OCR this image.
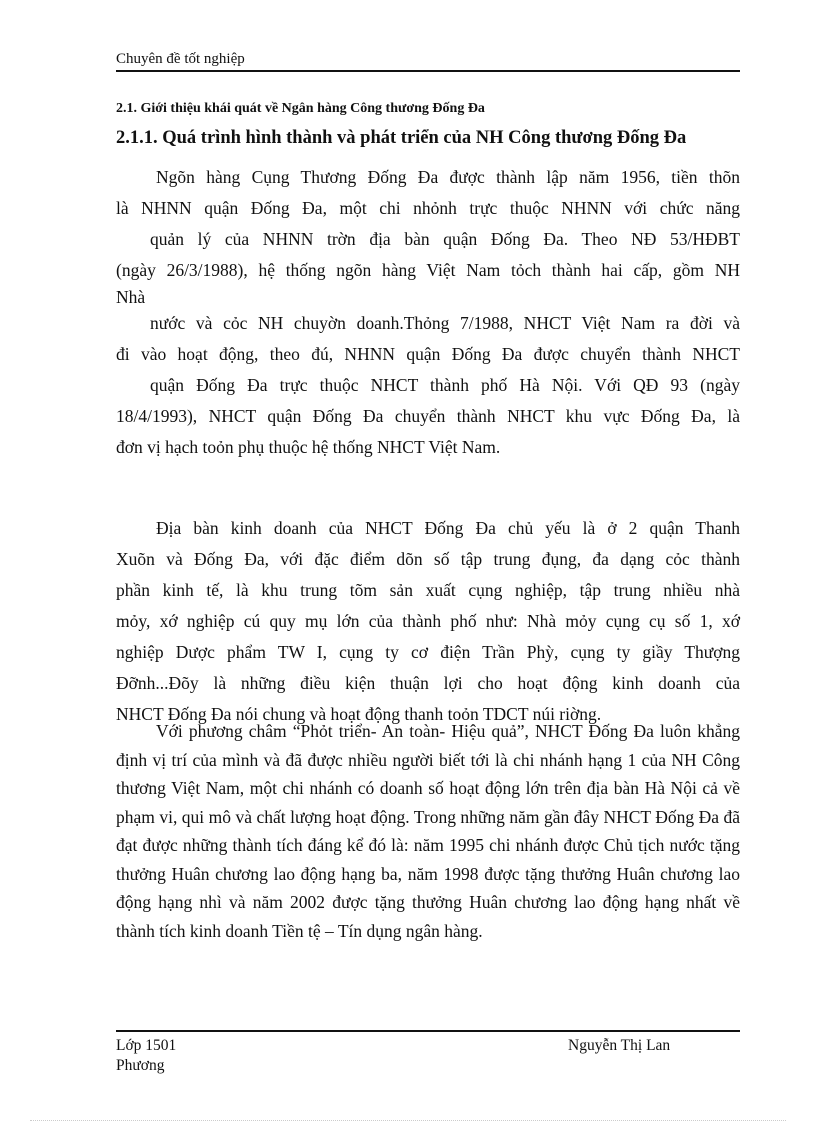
Chuyên đề tốt nghiệp
2.1. Giới thiệu khái quát về Ngân hàng Công thương Đống Đa
2.1.1. Quá trình hình thành và phát triển của NH Công thương Đống Đa
Ngõn hàng Cụng Thương Đống Đa được thành lập năm 1956, tiền thõn
là NHNN quận Đống Đa, một chi nhỏnh trực thuộc NHNN với chức năng
quản lý của NHNN trờn địa bàn quận Đống Đa. Theo NĐ 53/HĐBT
(ngày 26/3/1988), hệ thống ngõn hàng Việt Nam tỏch thành hai cấp, gồm NH
Nhà
nước và cỏc NH chuyờn doanh.Thỏng 7/1988, NHCT Việt Nam ra đời và
đi vào hoạt động, theo đú, NHNN quận Đống Đa được chuyển thành NHCT
quận Đống Đa trực thuộc NHCT thành phố Hà Nội. Với QĐ 93 (ngày
18/4/1993), NHCT quận Đống Đa chuyển thành NHCT khu vực Đống Đa, là
đơn vị hạch toỏn phụ thuộc hệ thống NHCT Việt Nam.
Địa bàn kinh doanh của NHCT Đống Đa chủ yếu là ở 2 quận Thanh
Xuõn và Đống Đa, với đặc điểm dõn số tập trung đụng, đa dạng cỏc thành
phần kinh tế, là khu trung tõm sản xuất cụng nghiệp, tập trung nhiều nhà
mỏy, xớ nghiệp cú quy mụ lớn của thành phố như: Nhà mỏy cụng cụ số 1, xớ
nghiệp Dược phẩm TW I, cụng ty cơ điện Trần Phỳ, cụng ty giầy Thượng
Đỡnh...Đõy là những điều kiện thuận lợi cho hoạt động kinh doanh của
NHCT Đống Đa nói chung và hoạt động thanh toỏn TDCT núi riờng.
Với phương châm “Phỏt triển- An toàn- Hiệu quả”, NHCT Đống Đa luôn khẳng định vị trí của mình và đã được nhiều người biết tới là chi nhánh hạng 1 của NH Công thương Việt Nam, một chi nhánh có doanh số hoạt động lớn trên địa bàn Hà Nội cả về phạm vi, qui mô và chất lượng hoạt động. Trong những năm gần đây NHCT Đống Đa đã đạt được những thành tích đáng kể đó là: năm 1995 chi nhánh được Chủ tịch nước tặng thưởng Huân chương lao động hạng ba, năm 1998 được tặng thưởng Huân chương lao động hạng nhì và năm 2002 được tặng thưởng Huân chương lao động hạng nhất về thành tích kinh doanh Tiền tệ – Tín dụng ngân hàng.
Lớp 1501	Nguyễn Thị Lan
Phương
